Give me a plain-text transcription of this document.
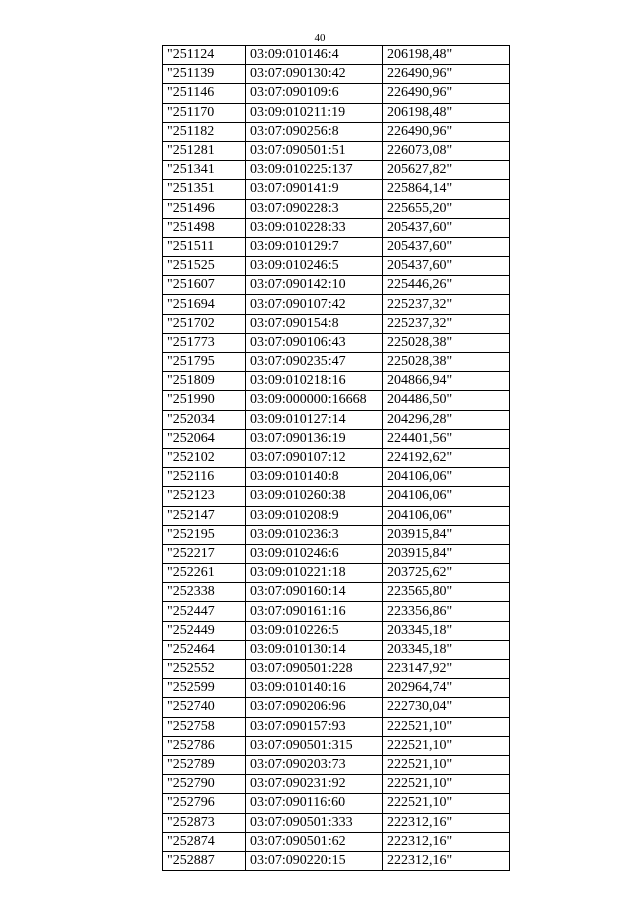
40
"251124	03:09:010146:4	206198,48"
"251139	03:07:090130:42	226490,96"
"251146	03:07:090109:6	226490,96"
"251170	03:09:010211:19	206198,48"
"251182	03:07:090256:8	226490,96"
"251281	03:07:090501:51	226073,08"
"251341	03:09:010225:137	205627,82"
"251351	03:07:090141:9	225864,14"
"251496	03:07:090228:3	225655,20"
"251498	03:09:010228:33	205437,60"
"251511	03:09:010129:7	205437,60"
"251525	03:09:010246:5	205437,60"
"251607	03:07:090142:10	225446,26"
"251694	03:07:090107:42	225237,32"
"251702	03:07:090154:8	225237,32"
"251773	03:07:090106:43	225028,38"
"251795	03:07:090235:47	225028,38"
"251809	03:09:010218:16	204866,94"
"251990	03:09:000000:16668	204486,50"
"252034	03:09:010127:14	204296,28"
"252064	03:07:090136:19	224401,56"
"252102	03:07:090107:12	224192,62"
"252116	03:09:010140:8	204106,06"
"252123	03:09:010260:38	204106,06"
"252147	03:09:010208:9	204106,06"
"252195	03:09:010236:3	203915,84"
"252217	03:09:010246:6	203915,84"
"252261	03:09:010221:18	203725,62"
"252338	03:07:090160:14	223565,80"
"252447	03:07:090161:16	223356,86"
"252449	03:09:010226:5	203345,18"
"252464	03:09:010130:14	203345,18"
"252552	03:07:090501:228	223147,92"
"252599	03:09:010140:16	202964,74"
"252740	03:07:090206:96	222730,04"
"252758	03:07:090157:93	222521,10"
"252786	03:07:090501:315	222521,10"
"252789	03:07:090203:73	222521,10"
"252790	03:07:090231:92	222521,10"
"252796	03:07:090116:60	222521,10"
"252873	03:07:090501:333	222312,16"
"252874	03:07:090501:62	222312,16"
"252887	03:07:090220:15	222312,16"
